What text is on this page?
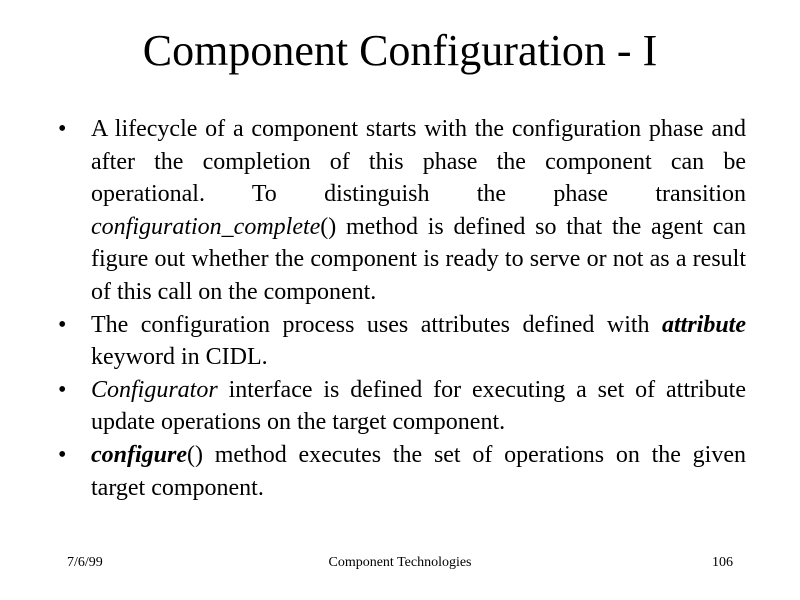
Component Configuration - I
•	A lifecycle of a component starts with the configuration phase and after the completion of this phase the component can be operational. To distinguish the phase transition configuration_complete() method is defined so that the agent can figure out whether the component is ready to serve or not as a result of this call on the component.
•	The configuration process uses attributes defined with attribute keyword in CIDL.
•	Configurator interface is defined for executing a set of attribute update operations on the target component.
•	configure() method executes the set of operations on the given target component.
7/6/99	Component Technologies	106
